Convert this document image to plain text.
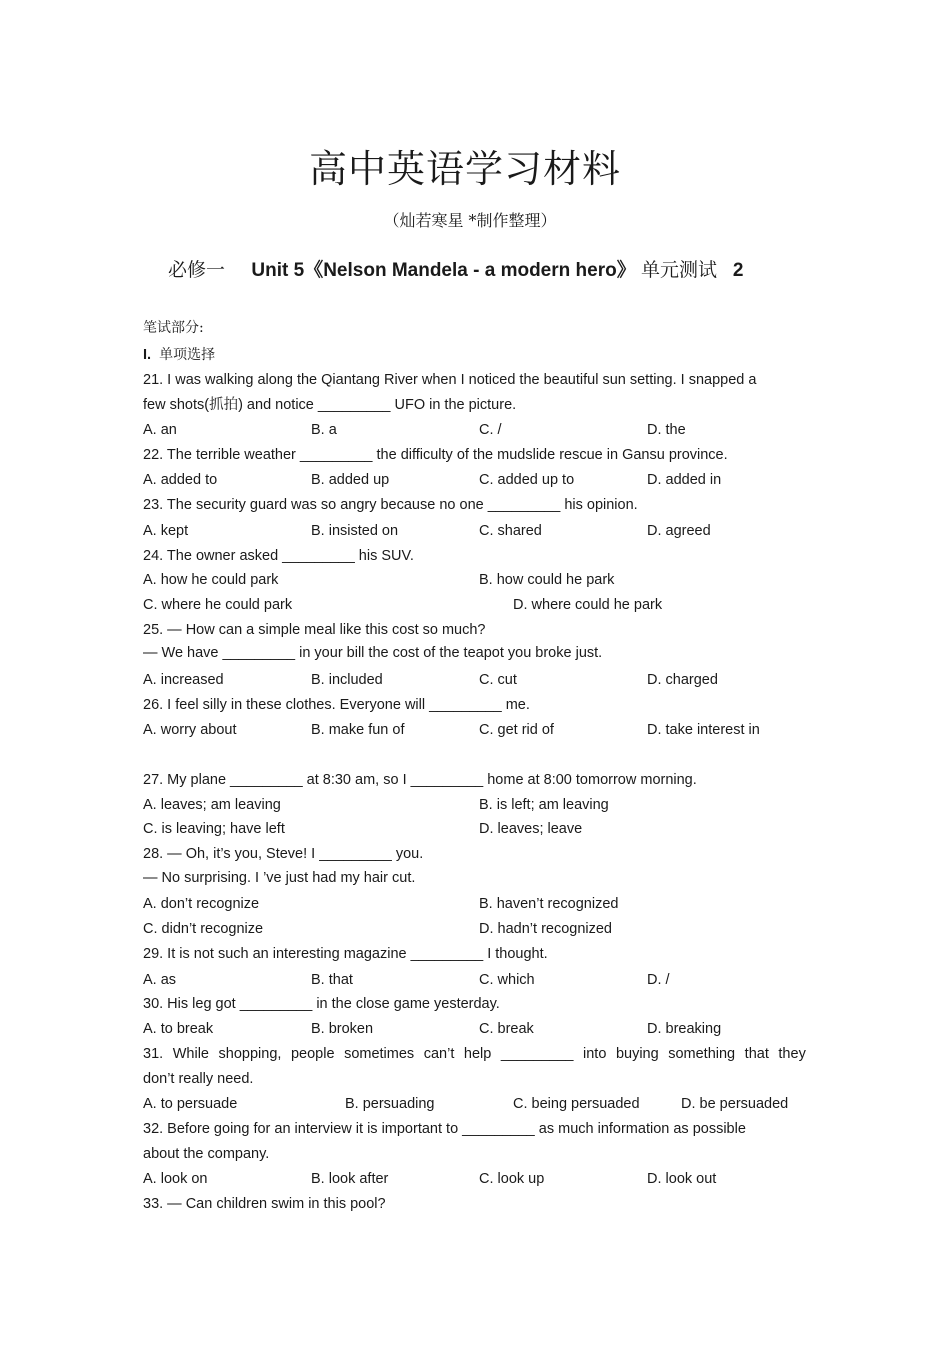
高中英语学习材料
（灿若寒星 *制作整理）
必修一 Unit 5《Nelson Mandela - a modern hero》 单元测试 2
笔试部分:
I. 单项选择
21. I was walking along the Qiantang River when I noticed the beautiful sun setting. I snapped a
few shots(抓拍) and notice _________ UFO in the picture.
A. an	B. a	C. /	D. the
22. The terrible weather _________ the difficulty of the mudslide rescue in Gansu province.
A. added to	B. added up	C. added up to	D. added in
23. The security guard was so angry because no one _________ his opinion.
A. kept	B. insisted on	C. shared	D. agreed
24. The owner asked _________ his SUV.
A. how he could park	B. how could he park
C. where he could park	D. where could he park
25. — How can a simple meal like this cost so much?
— We have _________ in your bill the cost of the teapot you broke just.
A. increased	B. included	C. cut	D. charged
26. I feel silly in these clothes. Everyone will _________ me.
A. worry about	B. make fun of	C. get rid of	D. take interest in
27. My plane _________ at 8:30 am, so I _________ home at 8:00 tomorrow morning.
A. leaves; am leaving	B. is left; am leaving
C. is leaving; have left	D. leaves; leave
28. — Oh, it’s you, Steve! I _________ you.
— No surprising. I ’ve just had my hair cut.
A. don’t recognize	B. haven’t recognized
C. didn’t recognize	D. hadn’t recognized
29. It is not such an interesting magazine _________ I thought.
A. as	B. that	C. which	D. /
30. His leg got _________ in the close game yesterday.
A. to break	B. broken	C. break	D. breaking
31. While shopping, people sometimes can’t help _________ into buying something that they
don’t really need.
A. to persuade	B. persuading	C. being persuaded	D. be persuaded
32. Before going for an interview it is important to _________ as much information as possible
about the company.
A. look on	B. look after	C. look up	D. look out
33. — Can children swim in this pool?
